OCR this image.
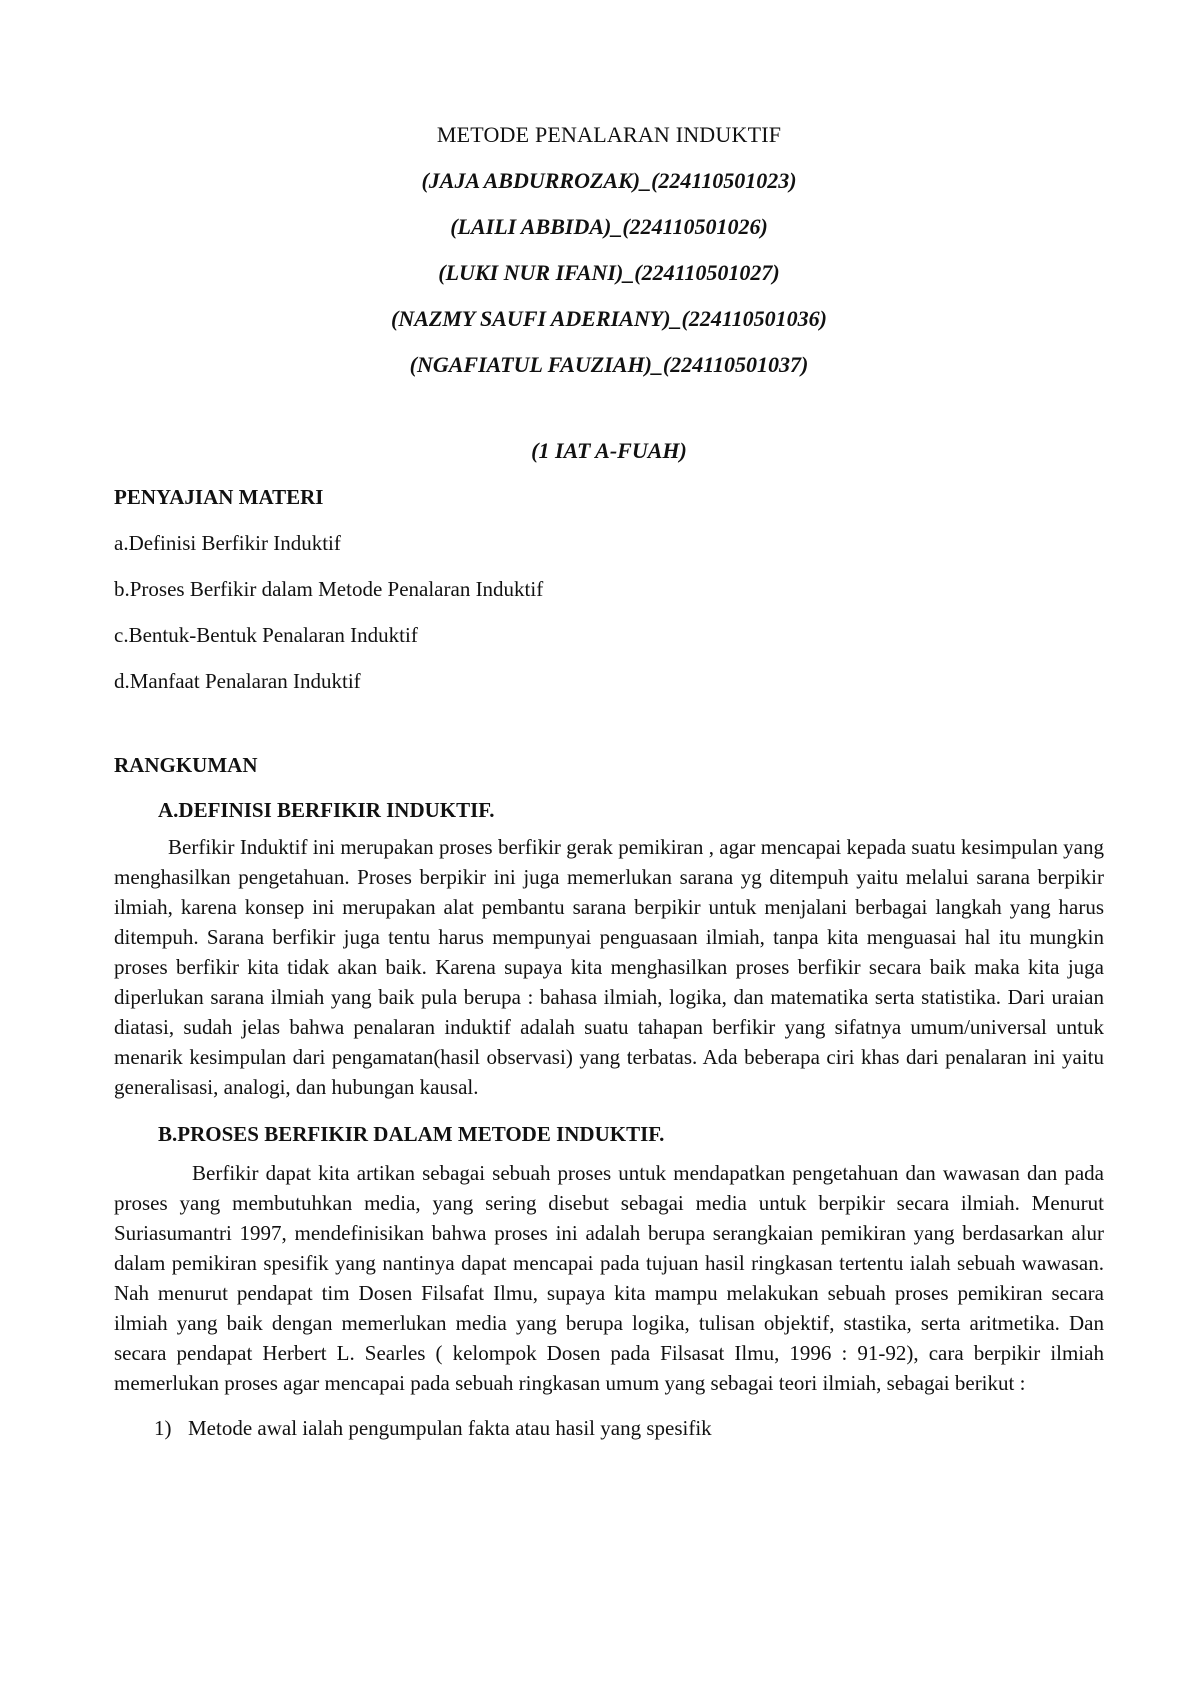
METODE PENALARAN INDUKTIF
(JAJA ABDURROZAK)_(224110501023)
(LAILI ABBIDA)_(224110501026)
(LUKI NUR IFANI)_(224110501027)
(NAZMY SAUFI ADERIANY)_(224110501036)
(NGAFIATUL FAUZIAH)_(224110501037)
(1 IAT A-FUAH)
PENYAJIAN MATERI
a.Definisi Berfikir Induktif
b.Proses Berfikir dalam Metode Penalaran Induktif
c.Bentuk-Bentuk Penalaran Induktif
d.Manfaat Penalaran Induktif
RANGKUMAN
A.DEFINISI BERFIKIR INDUKTIF.

Berfikir Induktif ini merupakan proses berfikir gerak pemikiran , agar mencapai kepada suatu kesimpulan yang menghasilkan pengetahuan. Proses berpikir ini juga memerlukan sarana yg ditempuh yaitu melalui sarana berpikir ilmiah, karena konsep ini merupakan alat pembantu sarana berpikir untuk menjalani berbagai langkah yang harus ditempuh. Sarana berfikir juga tentu harus mempunyai penguasaan ilmiah, tanpa kita menguasai hal itu mungkin proses berfikir kita tidak akan baik. Karena supaya kita menghasilkan proses berfikir secara baik maka kita juga diperlukan sarana ilmiah yang baik pula berupa : bahasa ilmiah, logika, dan matematika serta statistika. Dari uraian diatasi, sudah jelas bahwa penalaran induktif adalah suatu tahapan berfikir yang sifatnya umum/universal untuk menarik kesimpulan dari pengamatan(hasil observasi) yang terbatas. Ada beberapa ciri khas dari penalaran ini yaitu generalisasi, analogi, dan hubungan kausal.

B.PROSES BERFIKIR DALAM METODE INDUKTIF.

Berfikir dapat kita artikan sebagai sebuah proses untuk mendapatkan pengetahuan dan wawasan dan pada proses yang membutuhkan media, yang sering disebut sebagai media untuk berpikir secara ilmiah. Menurut Suriasumantri 1997, mendefinisikan bahwa proses ini adalah berupa serangkaian pemikiran yang berdasarkan alur dalam pemikiran spesifik yang nantinya dapat mencapai pada tujuan hasil ringkasan tertentu ialah sebuah wawasan. Nah menurut pendapat tim Dosen Filsafat Ilmu, supaya kita mampu melakukan sebuah proses pemikiran secara ilmiah yang baik dengan memerlukan media yang berupa logika, tulisan objektif, stastika, serta aritmetika. Dan secara pendapat Herbert L. Searles ( kelompok Dosen pada Filsasat Ilmu, 1996 : 91-92), cara berpikir ilmiah memerlukan proses agar mencapai pada sebuah ringkasan umum yang sebagai teori ilmiah, sebagai berikut :

1) Metode awal ialah pengumpulan fakta atau hasil yang spesifik
